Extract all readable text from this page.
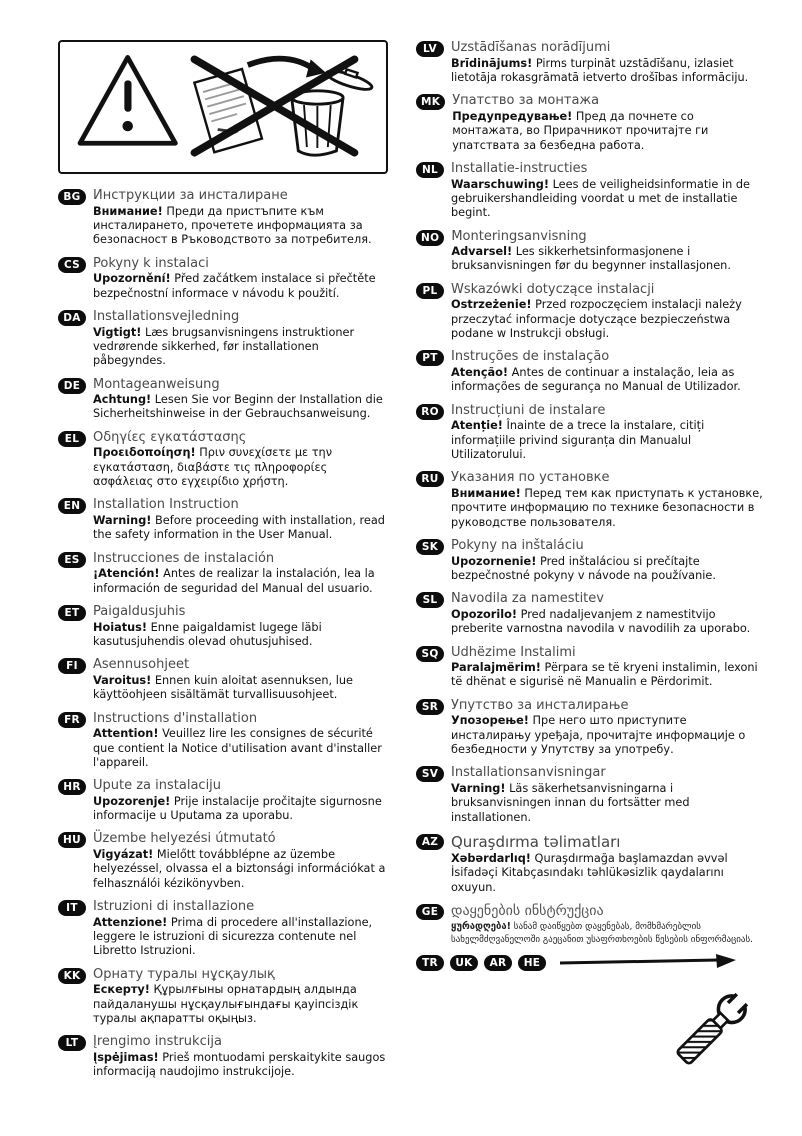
BG Инструкции за инсталиране
Внимание! Преди да пристъпите към инсталирането, прочетете информацията за безопасност в Ръководството за потребителя.
CS Pokyny k instalaci
Upozornění! Před začátkem instalace si přečtěte bezpečnostní informace v návodu k použití.
DA Installationsvejledning
Vigtigt! Læs brugsanvisningens instruktioner vedrørende sikkerhed, før installationen påbegyndes.
DE Montageanweisung
Achtung! Lesen Sie vor Beginn der Installation die Sicherheitshinweise in der Gebrauchsanweisung.
EL	Οδηγίες εγκατάστασης
Προειδοποίηση! Πριν συνεχίσετε με την εγκατάσταση, διαβάστε τις πληροφορίες ασφάλειας στο εγχειρίδιο χρήστη.
EN Installation Instruction
Warning! Before proceeding with installation, read the safety information in the User Manual.
ES	Instrucciones de instalación
¡Atención! Antes de realizar la instalación, lea la información de seguridad del Manual del usuario.
ET	Paigaldusjuhis
Hoiatus! Enne paigaldamist lugege läbi kasutusjuhendis olevad ohutusjuhised.
FI	Asennusohjeet
Varoitus! Ennen kuin aloitat asennuksen, lue käyttöohjeen sisältämät turvallisuusohjeet.
FR	Instructions d'installation
Attention! Veuillez lire les consignes de sécurité que contient la Notice d'utilisation avant d'installer l'appareil.
HR Upute za instalaciju
Upozorenje! Prije instalacije pročitajte sigurnosne informacije u Uputama za uporabu.
HU Üzembe helyezési útmutató
Vigyázat! Mielőtt továbblépne az üzembe helyezéssel, olvassa el a biztonsági információkat a felhasználói kézikönyvben.
IT	Istruzioni di installazione
Attenzione! Prima di procedere all'installazione, leggere le istruzioni di sicurezza contenute nel Libretto Istruzioni.
KK Орнату туралы нұсқаулық
Ескерту! Құрылғыны орнатардың алдында пайдаланушы нұсқаулығындағы қауіпсіздік туралы ақпаратты оқыңыз.
LT	Įrengimo instrukcija
Įspėjimas! Prieš montuodami perskaitykite saugos informaciją naudojimo instrukcijoje.
LV	Uzstādīšanas norādījumi
Brīdinājums! Pirms turpināt uzstādīšanu, izlasiet lietotāja rokasgrāmatā ietverto drošības informāciju.
MK Упатство за монтажа
Предупредување! Пред да почнете со монтажата, во Прирачникот прочитајте ги упатствата за безбедна работа.
NL Installatie-instructies
Waarschuwing! Lees de veiligheidsinformatie in de gebruikershandleiding voordat u met de installatie begint.
NO Monteringsanvisning
Advarsel! Les sikkerhetsinformasjonene i bruksanvisningen før du begynner installasjonen.
PL	Wskazówki dotyczące instalacji
Ostrzeżenie! Przed rozpoczęciem instalacji należy przeczytać informacje dotyczące bezpieczeństwa podane w Instrukcji obsługi.
PT	Instruções de instalação
Atenção! Antes de continuar a instalação, leia as informações de segurança no Manual de Utilizador.
RO Instrucțiuni de instalare
Atenție! Înainte de a trece la instalare, citiți informațiile privind siguranța din Manualul Utilizatorului.
RU Указания по установке
Внимание! Перед тем как приступать к установке, прочтите информацию по технике безопасности в руководстве пользователя.
SK Pokyny na inštaláciu
Upozornenie! Pred inštaláciou si prečítajte bezpečnostné pokyny v návode na používanie.
SL	Navodila za namestitev
Opozorilo! Pred nadaljevanjem z namestitvijo preberite varnostna navodila v navodilih za uporabo.
SQ Udhëzime Instalimi
Paralajmërim! Përpara se të kryeni instalimin, lexoni të dhënat e sigurisë në Manualin e Përdorimit.
SR Упутство за инсталирање
Упозорење! Пре него што приступите инсталирању уређаја, прочитајте информације о безбедности у Упутству за употребу.
SV Installationsanvisningar
Varning! Läs säkerhetsanvisningarna i bruksanvisningen innan du fortsätter med installationen.
AZ Quraşdırma təlimatları
Xəbərdarlıq! Quraşdırmağa başlamazdan əvvəl İsifadəçi Kitabçasındakı təhlükəsizlik qaydalarını oxuyun.
GE დაყენების ინსტრუქცია
ყურადღება! სანამ დაიწყებთ დაყენებას, მომხმარებლის სახელმძღვანელოში გაეცანით უსაფრთხოების წესების ინფორმაციას.
TR	UK	AR	HE
